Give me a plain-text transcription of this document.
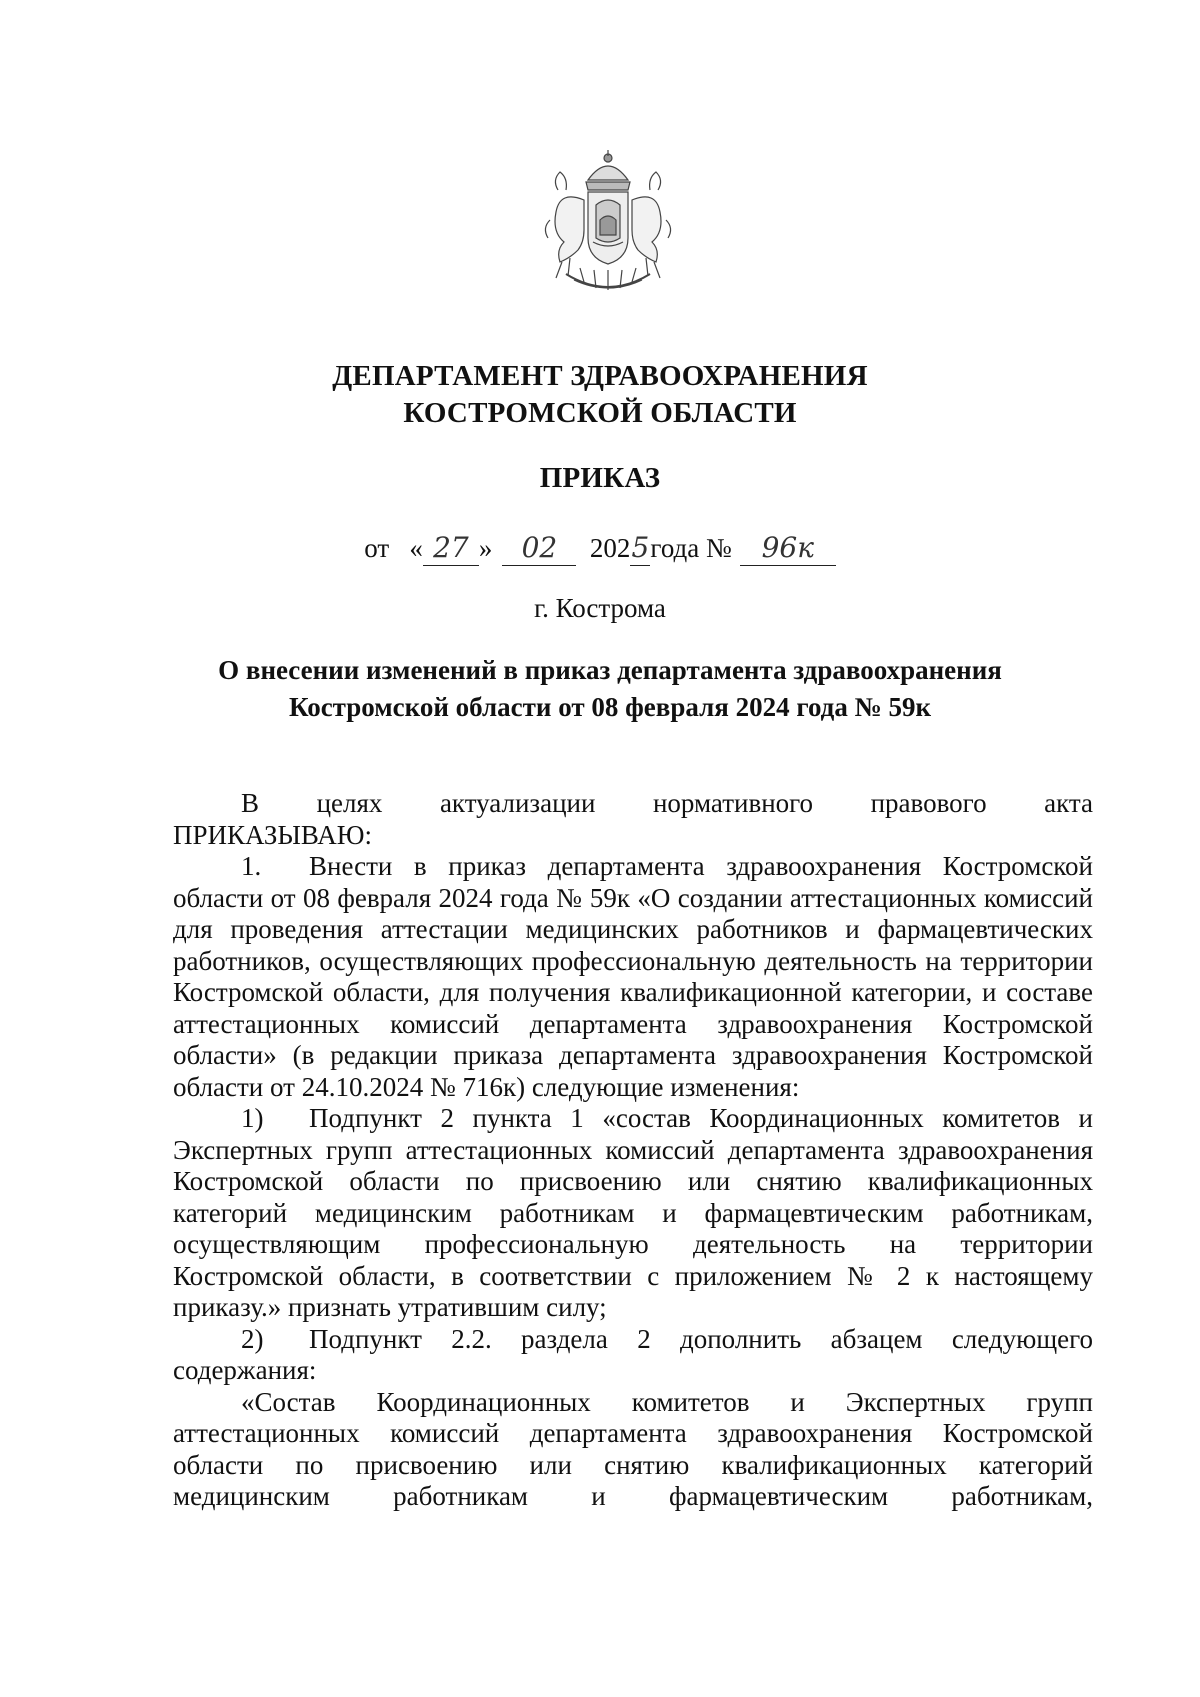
ДЕПАРТАМЕНТ ЗДРАВООХРАНЕНИЯ
КОСТРОМСКОЙ ОБЛАСТИ
ПРИКАЗ
от « 27 » 02 2025года № 96к
г. Кострома
О внесении изменений в приказ департамента здравоохранения
Костромской области от 08 февраля 2024 года № 59к

В целях актуализации нормативного правового акта

ПРИКАЗЫВАЮ:

1. Внести в приказ департамента здравоохранения Костромской области от 08 февраля 2024 года № 59к «О создании аттестационных комиссий для проведения аттестации медицинских работников и фармацевтических работников, осуществляющих профессиональную деятельность на территории Костромской области, для получения квалификационной категории, и составе аттестационных комиссий департамента здравоохранения Костромской области» (в редакции приказа департамента здравоохранения Костромской области от 24.10.2024 № 716к) следующие изменения:

1) Подпункт 2 пункта 1 «состав Координационных комитетов и Экспертных групп аттестационных комиссий департамента здравоохранения Костромской области по присвоению или снятию квалификационных категорий медицинским работникам и фармацевтическим работникам, осуществляющим профессиональную деятельность на территории Костромской области, в соответствии с приложением № 2 к настоящему приказу.» признать утратившим силу;

2) Подпункт 2.2. раздела 2 дополнить абзацем следующего содержания:

«Состав Координационных комитетов и Экспертных групп аттестационных комиссий департамента здравоохранения Костромской области по присвоению или снятию квалификационных категорий медицинским работникам и фармацевтическим работникам,
